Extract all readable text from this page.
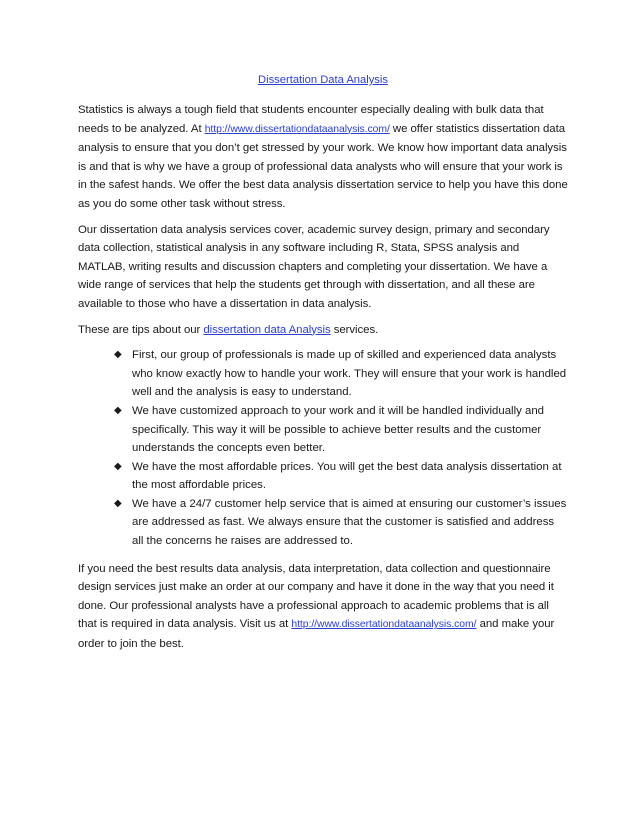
Dissertation Data Analysis

Statistics is always a tough field that students encounter especially dealing with bulk data that needs to be analyzed. At http://www.dissertationdataanalysis.com/ we offer statistics dissertation data analysis to ensure that you don’t get stressed by your work. We know how important data analysis is and that is why we have a group of professional data analysts who will ensure that your work is in the safest hands. We offer the best data analysis dissertation service to help you have this done as you do some other task without stress.

Our dissertation data analysis services cover, academic survey design, primary and secondary data collection, statistical analysis in any software including R, Stata, SPSS analysis and MATLAB, writing results and discussion chapters and completing your dissertation. We have a wide range of services that help the students get through with dissertation, and all these are available to those who have a dissertation in data analysis.

These are tips about our dissertation data Analysis services.

◆ First, our group of professionals is made up of skilled and experienced data analysts who know exactly how to handle your work. They will ensure that your work is handled well and the analysis is easy to understand.
◆ We have customized approach to your work and it will be handled individually and specifically. This way it will be possible to achieve better results and the customer understands the concepts even better.
◆ We have the most affordable prices. You will get the best data analysis dissertation at the most affordable prices.
◆ We have a 24/7 customer help service that is aimed at ensuring our customer’s issues are addressed as fast. We always ensure that the customer is satisfied and address all the concerns he raises are addressed to.

If you need the best results data analysis, data interpretation, data collection and questionnaire design services just make an order at our company and have it done in the way that you need it done. Our professional analysts have a professional approach to academic problems that is all that is required in data analysis. Visit us at http://www.dissertationdataanalysis.com/ and make your order to join the best.
